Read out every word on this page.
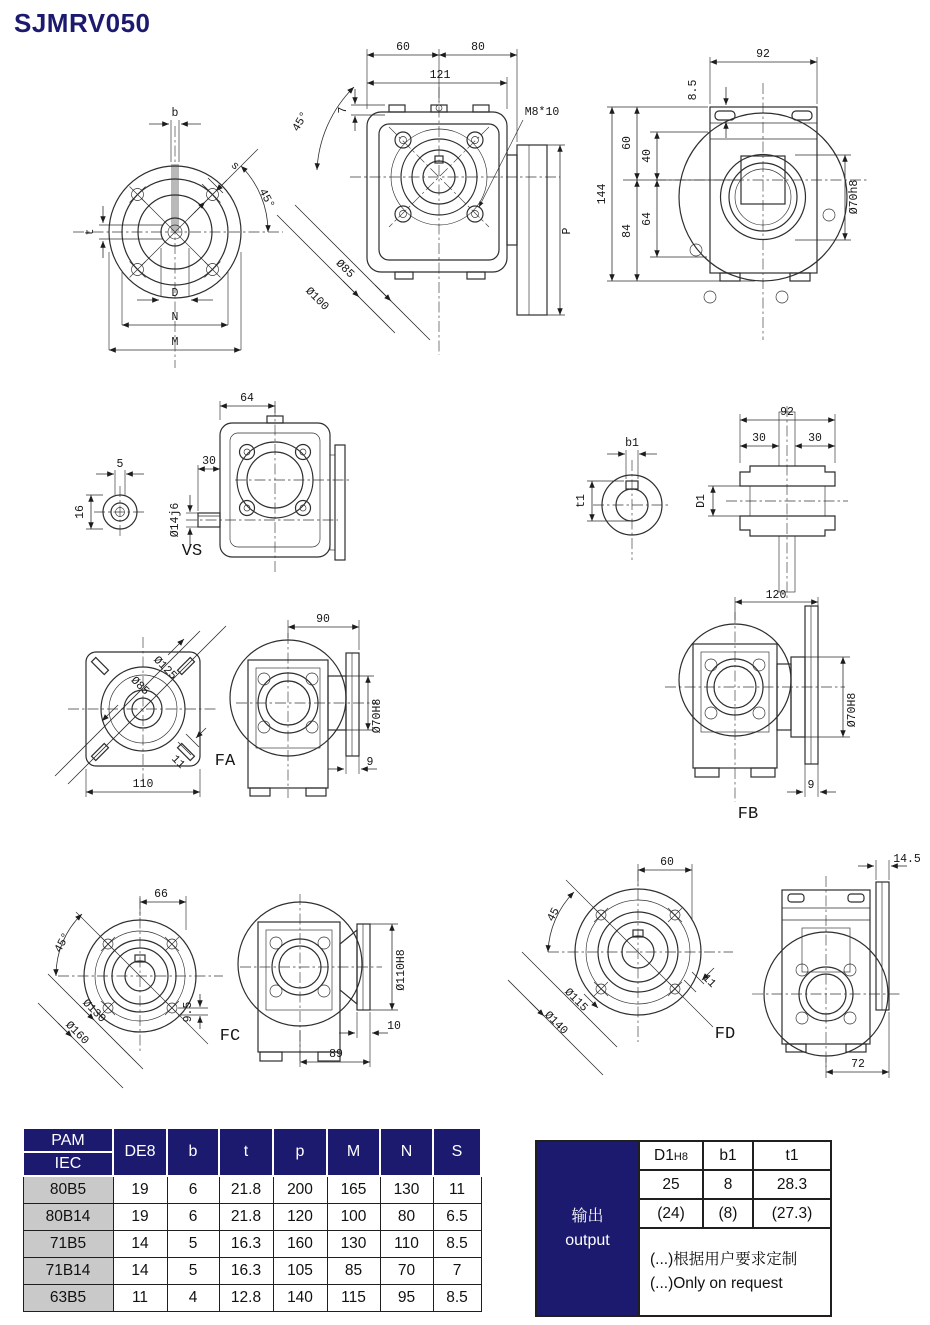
SJMRV050
b
t
s
45°
D
N
M
60	80
121
7
45°
Ø85
Ø100
M8*10
P
92
8.5
144
60
84
40
64
Ø70h8
5
16
VS
64
30
Ø14j6
b1
t1
92
30	30
D1
Ø125
Ø85
11
110
FA
90
Ø70H8
9
120
Ø70H8
9
FB
66
45°
Ø130
Ø160
9.5
FC
Ø110H8
10
89
60
45
Ø115
Ø140
11
FD
14.5
72
PAM
IEC	DE8	b	t	p	M	N	S
80B5	19	6	21.8	200	165	130	11
80B14	19	6	21.8	120	100	80	6.5
71B5	14	5	16.3	160	130	110	8.5
71B14	14	5	16.3	105	85	70	7
63B5	11	4	12.8	140	115	95	8.5
输出
output	D1H8	b1	t1
	25	8	28.3
	(24)	(8)	(27.3)

	(...)根据用户要求定制
(...)Only on request		
